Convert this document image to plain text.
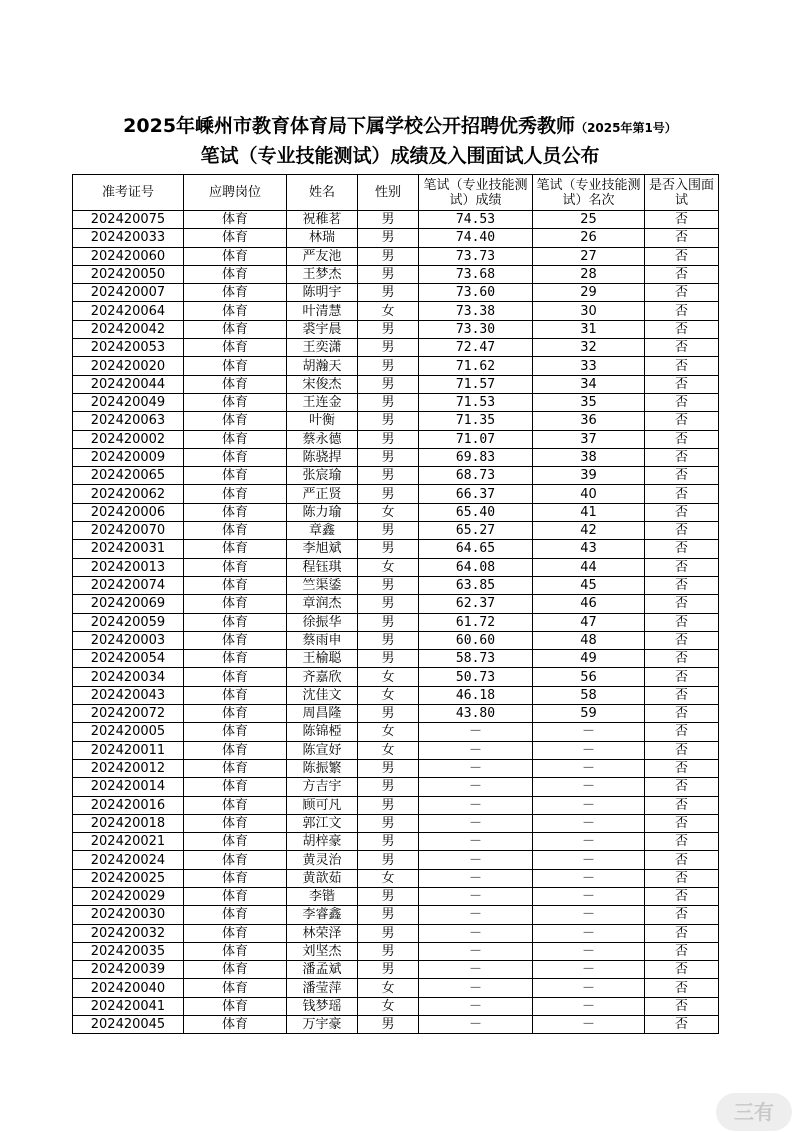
2025年嵊州市教育体育局下属学校公开招聘优秀教师（2025年第1号）
笔试（专业技能测试）成绩及入围面试人员公布
准考证号	应聘岗位	姓名	性别	笔试（专业技能测试）成绩	笔试（专业技能测试）名次	是否入围面试
202420075	体育	祝稚茗	男	74.53	25	否
202420033	体育	林瑞	男	74.40	26	否
202420060	体育	严友池	男	73.73	27	否
202420050	体育	王梦杰	男	73.68	28	否
202420007	体育	陈明宇	男	73.60	29	否
202420064	体育	叶清慧	女	73.38	30	否
202420042	体育	裘宇晨	男	73.30	31	否
202420053	体育	王奕潇	男	72.47	32	否
202420020	体育	胡瀚天	男	71.62	33	否
202420044	体育	宋俊杰	男	71.57	34	否
202420049	体育	王连金	男	71.53	35	否
202420063	体育	叶衡	男	71.35	36	否
202420002	体育	蔡永德	男	71.07	37	否
202420009	体育	陈骁捍	男	69.83	38	否
202420065	体育	张宸瑜	男	68.73	39	否
202420062	体育	严正贤	男	66.37	40	否
202420006	体育	陈力瑜	女	65.40	41	否
202420070	体育	章鑫	男	65.27	42	否
202420031	体育	李旭斌	男	64.65	43	否
202420013	体育	程钰琪	女	64.08	44	否
202420074	体育	竺渠鋈	男	63.85	45	否
202420069	体育	章润杰	男	62.37	46	否
202420059	体育	徐振华	男	61.72	47	否
202420003	体育	蔡雨申	男	60.60	48	否
202420054	体育	王榆聪	男	58.73	49	否
202420034	体育	齐嘉欣	女	50.73	56	否
202420043	体育	沈佳文	女	46.18	58	否
202420072	体育	周昌隆	男	43.80	59	否
202420005	体育	陈锦椏	女	－	－	否
202420011	体育	陈宣妤	女	－	－	否
202420012	体育	陈振繁	男	－	－	否
202420014	体育	方吉宇	男	－	－	否
202420016	体育	顾可凡	男	－	－	否
202420018	体育	郭江文	男	－	－	否
202420021	体育	胡梓豪	男	－	－	否
202420024	体育	黄灵治	男	－	－	否
202420025	体育	黄歆茹	女	－	－	否
202420029	体育	李锴	男	－	－	否
202420030	体育	李睿鑫	男	－	－	否
202420032	体育	林荣泽	男	－	－	否
202420035	体育	刘坚杰	男	－	－	否
202420039	体育	潘孟斌	男	－	－	否
202420040	体育	潘莹萍	女	－	－	否
202420041	体育	钱梦瑶	女	－	－	否
202420045	体育	万宇豪	男	－	－	否
三有
